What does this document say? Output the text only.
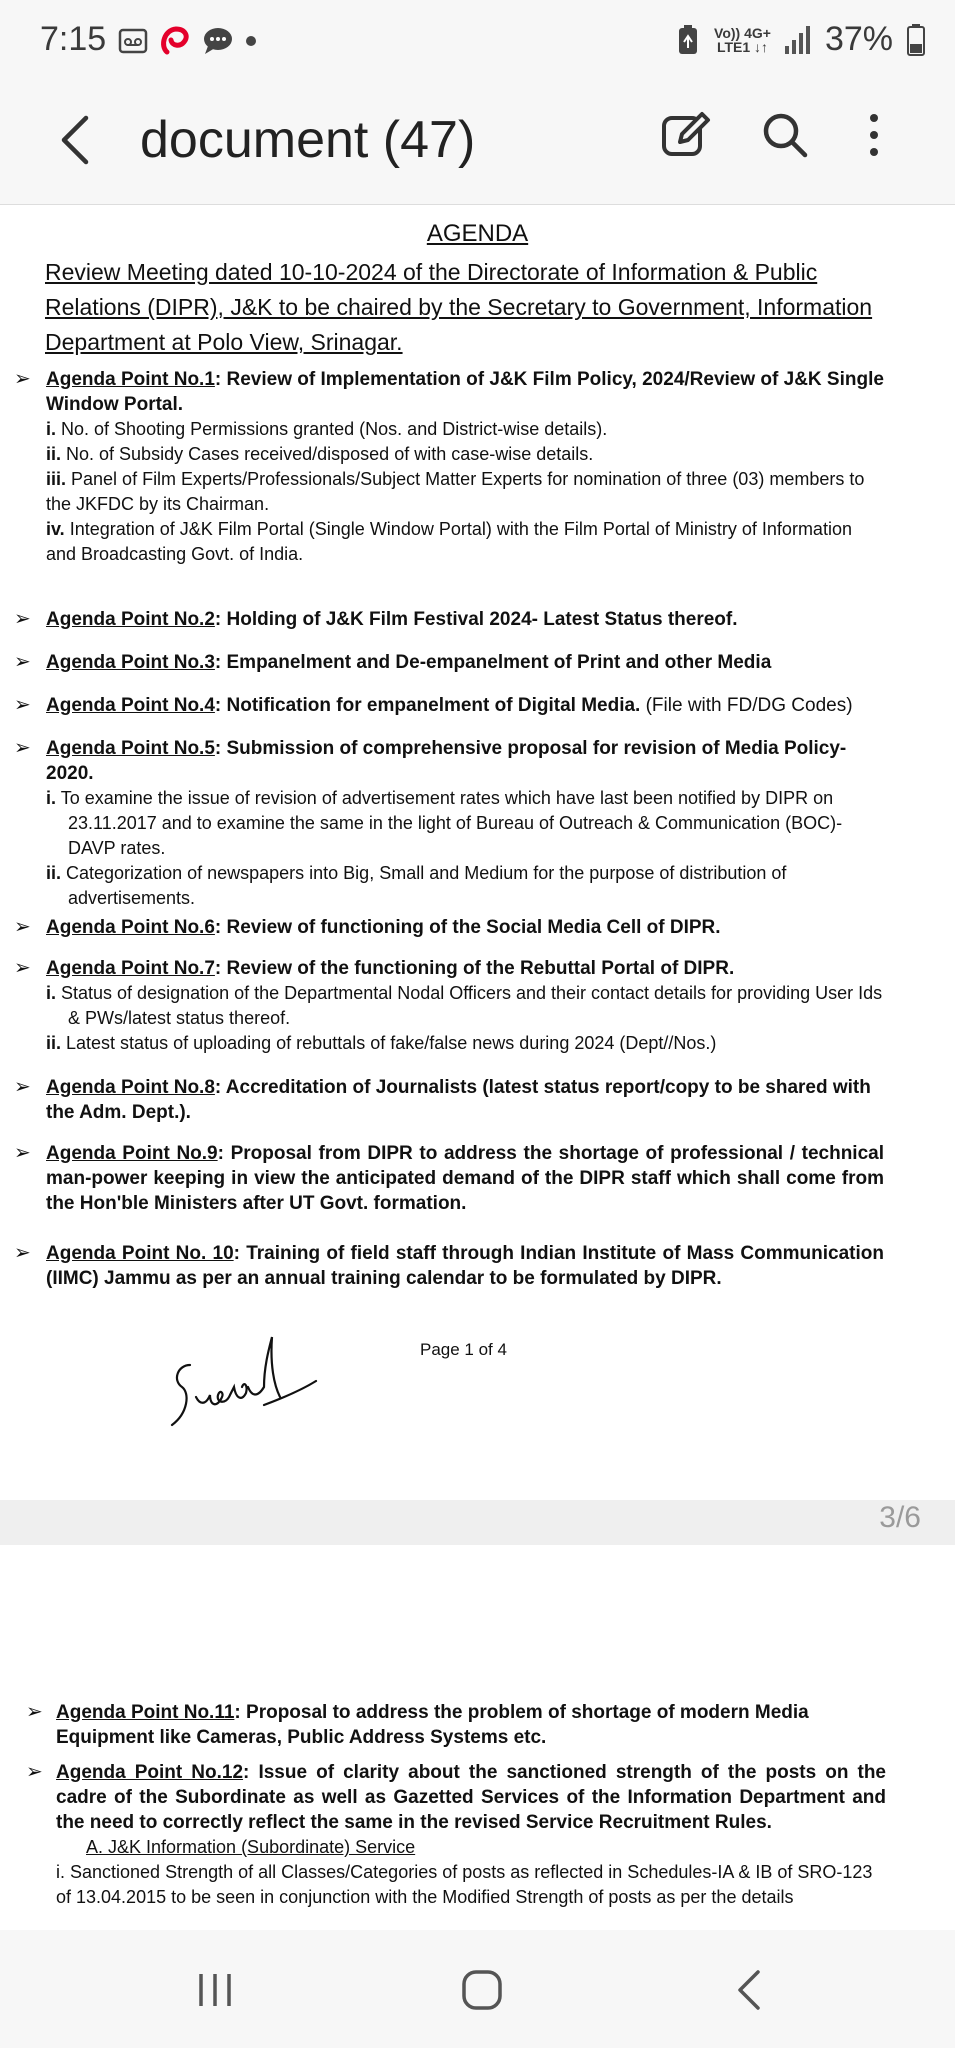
7:15	Vo)) 4G+
LTE1 ↓↑ 37%
document (47)
AGENDA
Review Meeting dated 10-10-2024 of the Directorate of Information & Public Relations (DIPR), J&K to be chaired by the Secretary to Government, Information Department at Polo View, Srinagar.
➢ Agenda Point No.1: Review of Implementation of J&K Film Policy, 2024/Review of J&K Single Window Portal.
i. No. of Shooting Permissions granted (Nos. and District-wise details).
ii. No. of Subsidy Cases received/disposed of with case-wise details.
iii. Panel of Film Experts/Professionals/Subject Matter Experts for nomination of three (03) members to the JKFDC by its Chairman.
iv. Integration of J&K Film Portal (Single Window Portal) with the Film Portal of Ministry of Information and Broadcasting Govt. of India.
➢ Agenda Point No.2: Holding of J&K Film Festival 2024- Latest Status thereof.
➢ Agenda Point No.3: Empanelment and De-empanelment of Print and other Media
➢ Agenda Point No.4: Notification for empanelment of Digital Media. (File with FD/DG Codes)
➢ Agenda Point No.5: Submission of comprehensive proposal for revision of Media Policy-2020.
i. To examine the issue of revision of advertisement rates which have last been notified by DIPR on 23.11.2017 and to examine the same in the light of Bureau of Outreach & Communication (BOC)-DAVP rates.
ii. Categorization of newspapers into Big, Small and Medium for the purpose of distribution of advertisements.
➢ Agenda Point No.6: Review of functioning of the Social Media Cell of DIPR.
➢ Agenda Point No.7: Review of the functioning of the Rebuttal Portal of DIPR.
i. Status of designation of the Departmental Nodal Officers and their contact details for providing User Ids & PWs/latest status thereof.
ii. Latest status of uploading of rebuttals of fake/false news during 2024 (Dept//Nos.)
➢ Agenda Point No.8: Accreditation of Journalists (latest status report/copy to be shared with the Adm. Dept.).
➢ Agenda Point No.9: Proposal from DIPR to address the shortage of professional / technical man-power keeping in view the anticipated demand of the DIPR staff which shall come from the Hon'ble Ministers after UT Govt. formation.
➢ Agenda Point No. 10: Training of field staff through Indian Institute of Mass Communication (IIMC) Jammu as per an annual training calendar to be formulated by DIPR.
Page 1 of 4
3/6
➢ Agenda Point No.11: Proposal to address the problem of shortage of modern Media Equipment like Cameras, Public Address Systems etc.
➢ Agenda Point No.12: Issue of clarity about the sanctioned strength of the posts on the cadre of the Subordinate as well as Gazetted Services of the Information Department and the need to correctly reflect the same in the revised Service Recruitment Rules.
A. J&K Information (Subordinate) Service
i. Sanctioned Strength of all Classes/Categories of posts as reflected in Schedules-IA & IB of SRO-123 of 13.04.2015 to be seen in conjunction with the Modified Strength of posts as per the details
